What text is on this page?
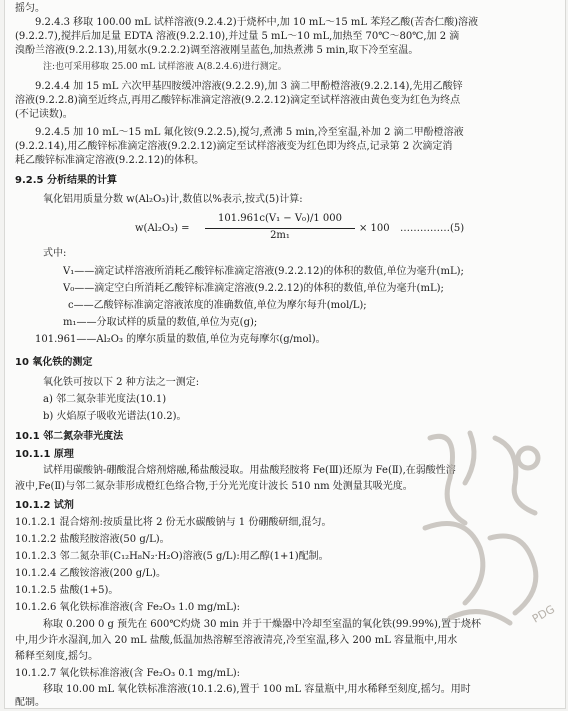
摇匀。
9.2.4.3 移取 100.00 mL 试样溶液(9.2.4.2)于烧杯中,加 10 mL～15 mL 苯羟乙酸(苦杏仁酸)溶液
(9.2.2.7),搅拌后加足量 EDTA 溶液(9.2.2.10),并过量 5 mL～10 mL,加热至 70℃～80℃,加 2 滴
溴酚兰溶液(9.2.2.13),用氨水(9.2.2.2)调至溶液刚呈蓝色,加热煮沸 5 min,取下冷至室温。
注:也可采用移取 25.00 mL 试样溶液 A(8.2.4.6)进行测定。
9.2.4.4 加 15 mL 六次甲基四胺缓冲溶液(9.2.2.9),加 3 滴二甲酚橙溶液(9.2.2.14),先用乙酸锌
溶液(9.2.2.8)滴至近终点,再用乙酸锌标准滴定溶液(9.2.2.12)滴定至试样溶液由黄色变为红色为终点
(不记读数)。
9.2.4.5 加 10 mL～15 mL 氟化铵(9.2.2.5),搅匀,煮沸 5 min,冷至室温,补加 2 滴二甲酚橙溶液
(9.2.2.14),用乙酸锌标准滴定溶液(9.2.2.12)滴定至试样溶液变为红色即为终点,记录第 2 次滴定消
耗乙酸锌标准滴定溶液(9.2.2.12)的体积。
9.2.5 分析结果的计算
氧化铝用质量分数 w(Al₂O₃)计,数值以%表示,按式(5)计算:
w(Al₂O₃) =
101.961c(V₁ − V₀)/1 000
2m₁
× 100 ……………(5)
式中:
V₁——滴定试样溶液所消耗乙酸锌标准滴定溶液(9.2.2.12)的体积的数值,单位为毫升(mL);
V₀——滴定空白所消耗乙酸锌标准滴定溶液(9.2.2.12)的体积的数值,单位为毫升(mL);
c——乙酸锌标准滴定溶液浓度的准确数值,单位为摩尔每升(mol/L);
m₁——分取试样的质量的数值,单位为克(g);
101.961——Al₂O₃ 的摩尔质量的数值,单位为克每摩尔(g/mol)。
10 氧化铁的测定
氧化铁可按以下 2 种方法之一测定:
a) 邻二氮杂菲光度法(10.1)
b) 火焰原子吸收光谱法(10.2)。
10.1 邻二氮杂菲光度法
10.1.1 原理
试样用碳酸钠-硼酸混合熔剂熔融,稀盐酸浸取。用盐酸羟胺将 Fe(Ⅲ)还原为 Fe(Ⅱ),在弱酸性溶
液中,Fe(Ⅱ)与邻二氮杂菲形成橙红色络合物,于分光光度计波长 510 nm 处测量其吸光度。
10.1.2 试剂
10.1.2.1 混合熔剂:按质量比将 2 份无水碳酸钠与 1 份硼酸研细,混匀。
10.1.2.2 盐酸羟胺溶液(50 g/L)。
10.1.2.3 邻二氮杂菲(C₁₂H₈N₂·H₂O)溶液(5 g/L):用乙醇(1+1)配制。
10.1.2.4 乙酸铵溶液(200 g/L)。
10.1.2.5 盐酸(1+5)。
10.1.2.6 氧化铁标准溶液(含 Fe₂O₃ 1.0 mg/mL):
称取 0.200 0 g 预先在 600℃灼烧 30 min 并于干燥器中冷却至室温的氧化铁(99.99%),置于烧杯
中,用少许水湿润,加入 20 mL 盐酸,低温加热溶解至溶液清亮,冷至室温,移入 200 mL 容量瓶中,用水
稀释至刻度,摇匀。
10.1.2.7 氧化铁标准溶液(含 Fe₂O₃ 0.1 mg/mL):
移取 10.00 mL 氧化铁标准溶液(10.1.2.6),置于 100 mL 容量瓶中,用水稀释至刻度,摇匀。用时
配制。
PDG
